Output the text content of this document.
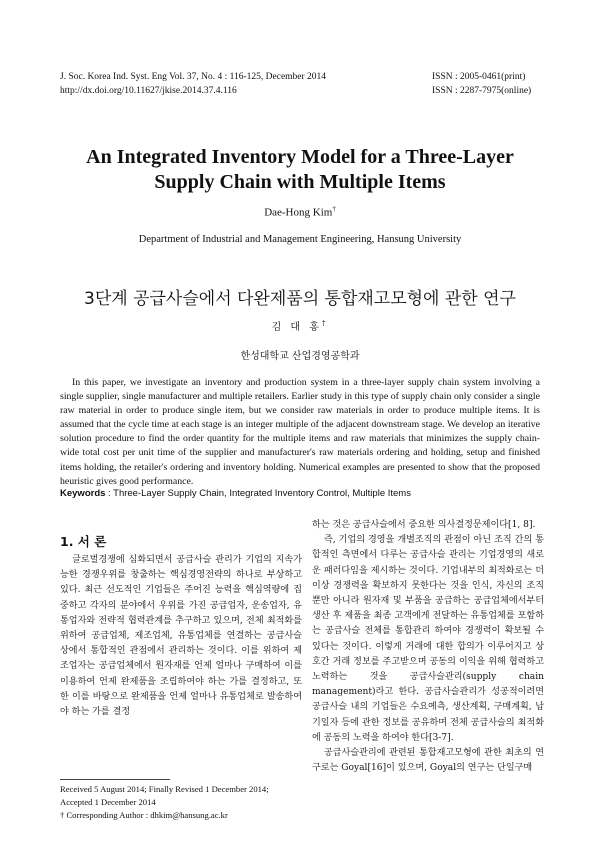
J. Soc. Korea Ind. Syst. Eng Vol. 37, No. 4 : 116-125, December 2014
http://dx.doi.org/10.11627/jkise.2014.37.4.116
ISSN : 2005-0461(print)
ISSN : 2287-7975(online)
An Integrated Inventory Model for a Three-Layer
Supply Chain with Multiple Items
Dae-Hong Kim†
Department of Industrial and Management Engineering, Hansung University
3단계 공급사슬에서 다완제품의 통합재고모형에 관한 연구
김 대 홍†
한성대학교 산업경영공학과
In this paper, we investigate an inventory and production system in a three-layer supply chain system involving a single supplier, single manufacturer and multiple retailers. Earlier study in this type of supply chain only consider a single raw material in order to produce single item, but we consider raw materials in order to produce multiple items. It is assumed that the cycle time at each stage is an integer multiple of the adjacent downstream stage. We develop an iterative solution procedure to find the order quantity for the multiple items and raw materials that minimizes the supply chain-wide total cost per unit time of the supplier and manufacturer's raw materials ordering and holding, setup and finished items holding, the retailer's ordering and inventory holding. Numerical examples are presented to show that the proposed heuristic gives good performance.
Keywords : Three-Layer Supply Chain, Integrated Inventory Control, Multiple Items
1. 서 론
글로벌경쟁에 심화되면서 공급사슬 관리가 기업의 지속가능한 경쟁우위를 창출하는 핵심경영전략의 하나로 부상하고 있다. 최근 선도적인 기업들은 주어진 능력을 핵심역량에 집중하고 각자의 분야에서 우위를 가진 공급업자, 운송업자, 유통업자와 전략적 협력관계를 추구하고 있으며, 전체 최적화를 위하여 공급업체, 제조업체, 유통업체를 연결하는 공급사슬 상에서 통합적인 관점에서 관리하는 것이다. 이를 위하여 제조업자는 공급업체에서 원자재를 언제 얼마나 구매하여 이를 이용하여 언제 완제품을 조립하여야 하는 가를 결정하고, 또한 이를 바탕으로 완제품을 언제 얼마나 유통업체로 발송하여야 하는 가를 결정

하는 것은 공급사슬에서 중요한 의사결정문제이다[1, 8].

즉, 기업의 경영을 개별조직의 관점이 아닌 조직 간의 통합적인 측면에서 다루는 공급사슬 관리는 기업경영의 새로운 패러다임을 제시하는 것이다. 기업내부의 최적화로는 더 이상 경쟁력을 확보하지 못한다는 것을 인식, 자신의 조직뿐만 아니라 원자재 및 부품을 공급하는 공급업체에서부터 생산 후 제품을 최종 고객에게 전달하는 유통업체를 포함하는 공급사슬 전체를 통합관리 하여야 경쟁력이 확보될 수 있다는 것이다. 이렇게 거래에 대한 합의가 이루어지고 상호간 거래 정보를 주고받으며 공동의 이익을 위해 협력하고 노력하는 것을 공급사슬관리(supply chain management)라고 한다. 공급사슬관리가 성공적이려면 공급사슬 내의 기업들은 수요예측, 생산계획, 구매계획, 납기일자 등에 관한 정보를 공유하며 전체 공급사슬의 최적화에 공동의 노력을 하여야 한다[3-7].

공급사슬관리에 관련된 통합재고모형에 관한 최초의 연구로는 Goyal[16]이 있으며, Goyal의 연구는 단일구매

Received 5 August 2014; Finally Revised 1 December 2014;
Accepted 1 December 2014
† Corresponding Author : dhkim@hansung.ac.kr
